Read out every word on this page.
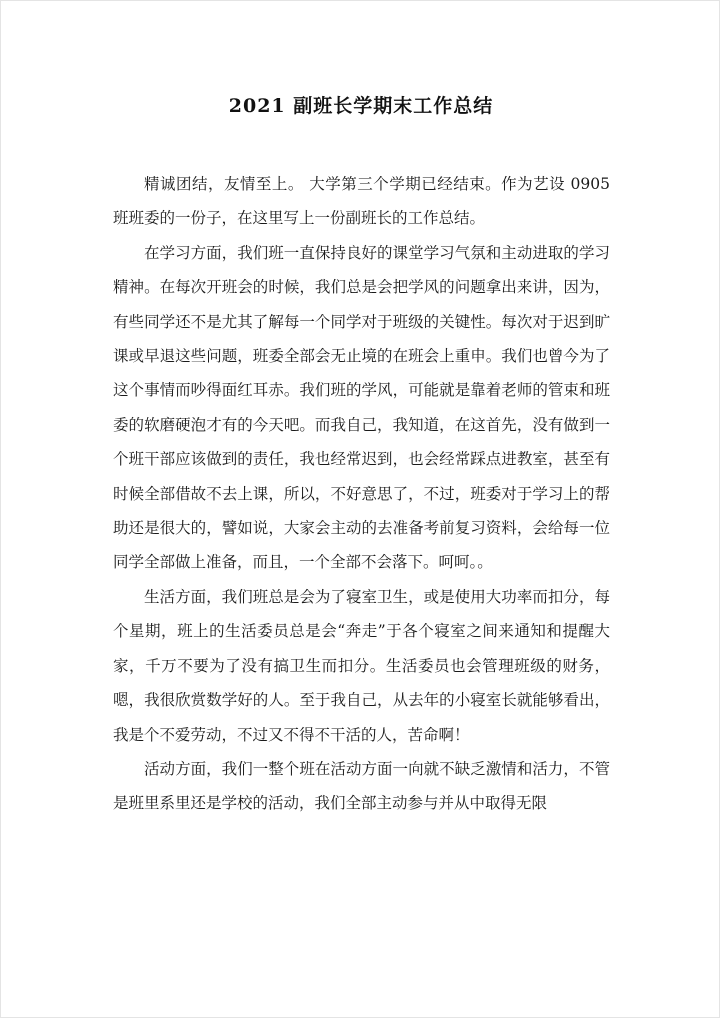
2021 副班长学期末工作总结

精诚团结，友情至上。 大学第三个学期已经结束。作为艺设 0905 班班委的一份子，在这里写上一份副班长的工作总结。

在学习方面，我们班一直保持良好的课堂学习气氛和主动进取的学习精神。在每次开班会的时候，我们总是会把学风的问题拿出来讲，因为，有些同学还不是尤其了解每一个同学对于班级的关键性。每次对于迟到旷课或早退这些问题，班委全部会无止境的在班会上重申。我们也曾今为了这个事情而吵得面红耳赤。我们班的学风，可能就是靠着老师的管束和班委的软磨硬泡才有的今天吧。而我自己，我知道，在这首先，没有做到一个班干部应该做到的责任，我也经常迟到，也会经常踩点进教室，甚至有时候全部借故不去上课，所以，不好意思了，不过，班委对于学习上的帮助还是很大的，譬如说，大家会主动的去准备考前复习资料，会给每一位同学全部做上准备，而且，一个全部不会落下。呵呵。。

生活方面，我们班总是会为了寝室卫生，或是使用大功率而扣分，每个星期，班上的生活委员总是会“奔走”于各个寝室之间来通知和提醒大家，千万不要为了没有搞卫生而扣分。生活委员也会管理班级的财务，嗯，我很欣赏数学好的人。至于我自己，从去年的小寝室长就能够看出，我是个不爱劳动，不过又不得不干活的人，苦命啊！

活动方面，我们一整个班在活动方面一向就不缺乏激情和活力，不管是班里系里还是学校的活动，我们全部主动参与并从中取得无限
